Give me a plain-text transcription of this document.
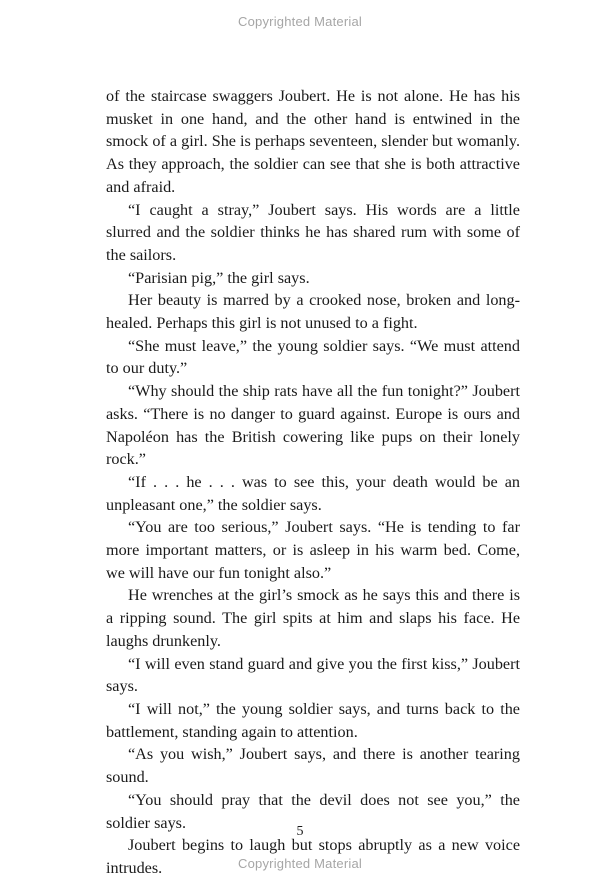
Copyrighted Material

of the staircase swaggers Joubert. He is not alone. He has his musket in one hand, and the other hand is entwined in the smock of a girl. She is perhaps seventeen, slender but womanly. As they approach, the soldier can see that she is both attractive and afraid.

“I caught a stray,” Joubert says. His words are a little slurred and the soldier thinks he has shared rum with some of the sailors.

“Parisian pig,” the girl says.

Her beauty is marred by a crooked nose, broken and long-healed. Perhaps this girl is not unused to a fight.

“She must leave,” the young soldier says. “We must attend to our duty.”

“Why should the ship rats have all the fun tonight?” Joubert asks. “There is no danger to guard against. Europe is ours and Napoléon has the British cowering like pups on their lonely rock.”

“If . . . he . . . was to see this, your death would be an unpleasant one,” the soldier says.

“You are too serious,” Joubert says. “He is tending to far more important matters, or is asleep in his warm bed. Come, we will have our fun tonight also.”

He wrenches at the girl’s smock as he says this and there is a ripping sound. The girl spits at him and slaps his face. He laughs drunkenly.

“I will even stand guard and give you the first kiss,” Joubert says.

“I will not,” the young soldier says, and turns back to the battlement, standing again to attention.

“As you wish,” Joubert says, and there is another tearing sound.

“You should pray that the devil does not see you,” the soldier says.

Joubert begins to laugh but stops abruptly as a new voice intrudes.

5
Copyrighted Material
